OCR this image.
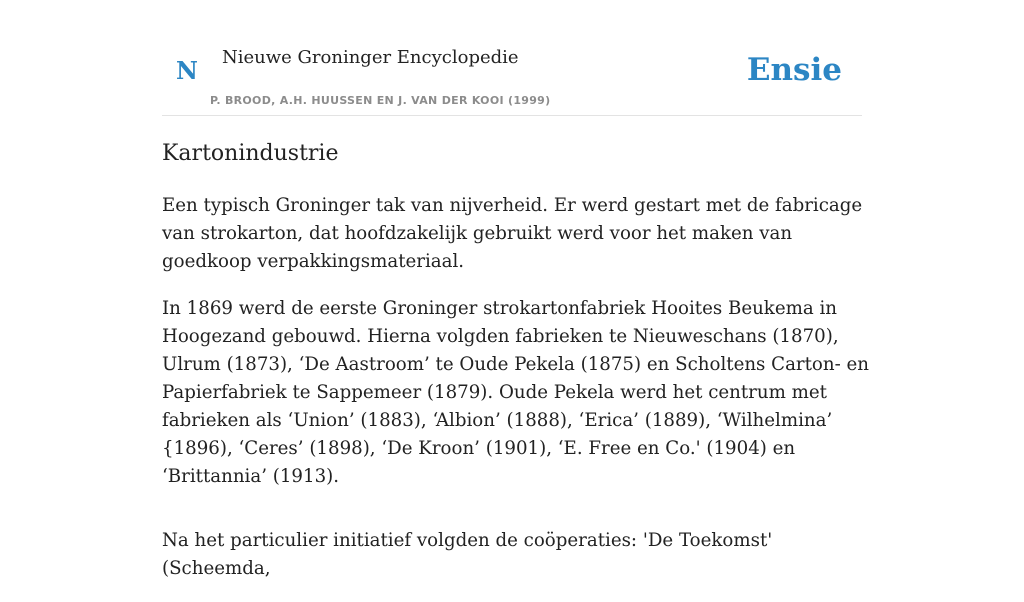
N Nieuwe Groninger Encyclopedie
P. BROOD, A.H. HUUSSEN EN J. VAN DER KOOI (1999)
Ensie
Kartonindustrie

Een typisch Groninger tak van nijverheid. Er werd gestart met de fabricage van strokarton, dat hoofdzakelijk gebruikt werd voor het maken van goedkoop verpakkingsmateriaal.

In 1869 werd de eerste Groninger strokartonfabriek Hooites Beukema in Hoogezand gebouwd. Hierna volgden fabrieken te Nieuweschans (1870), Ulrum (1873), ‘De Aastroom’ te Oude Pekela (1875) en Scholtens Carton- en Papierfabriek te Sappemeer (1879). Oude Pekela werd het centrum met fabrieken als ‘Union’ (1883), ‘Albion’ (1888), ‘Erica’ (1889), ‘Wilhelmina’ {1896), ‘Ceres’ (1898), ‘De Kroon’ (1901), ‘E. Free en Co.' (1904) en ‘Brittannia’ (1913).

Na het particulier initiatief volgden de coöperaties: 'De Toekomst' (Scheemda,
